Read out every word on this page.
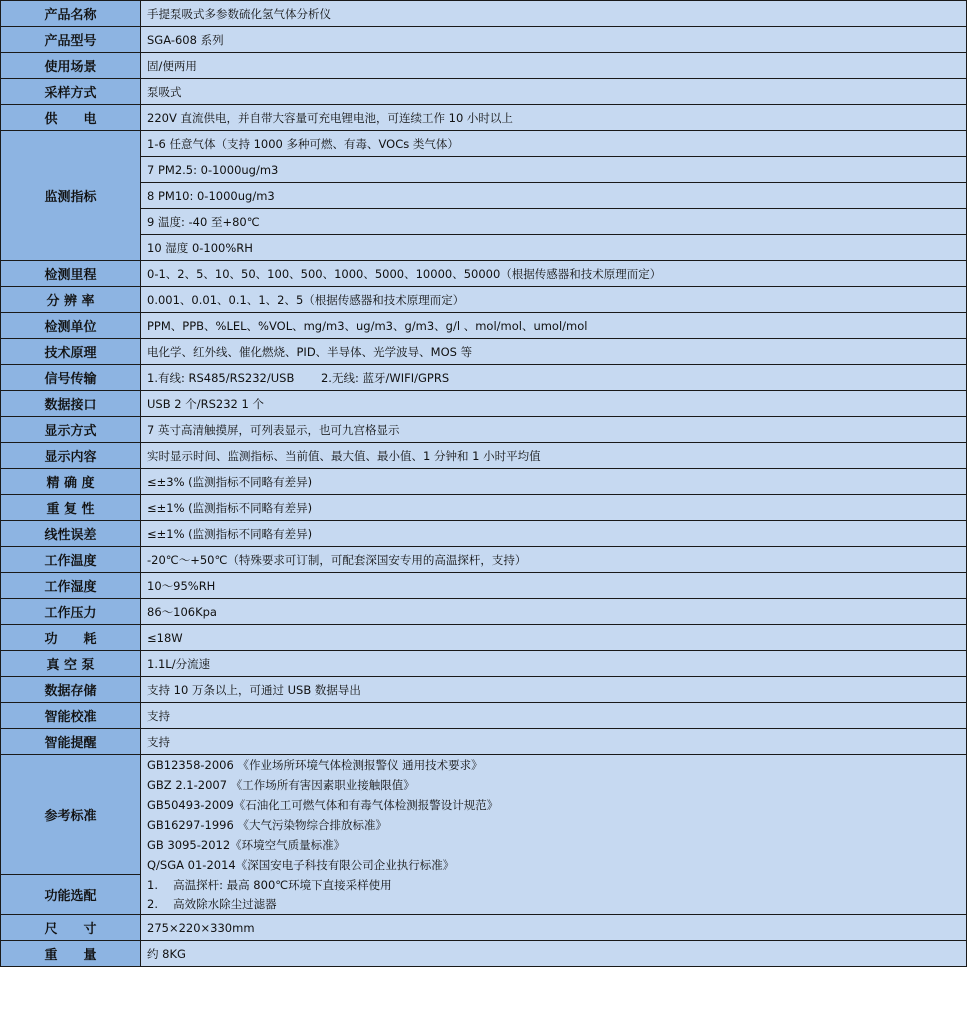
产品名称	手提泵吸式多参数硫化氢气体分析仪
产品型号	SGA-608 系列
使用场景	固/便两用
采样方式	泵吸式
供　　电	220V 直流供电，并自带大容量可充电锂电池，可连续工作 10 小时以上
监测指标	1-6 任意气体（支持 1000 多种可燃、有毒、VOCs 类气体）
	7 PM2.5: 0-1000ug/m3
	8 PM10: 0-1000ug/m3
	9 温度: -40 至+80℃
	10 湿度 0-100%RH
检测里程	0-1、2、5、10、50、100、500、1000、5000、10000、50000（根据传感器和技术原理而定）
分 辨 率	0.001、0.01、0.1、1、2、5（根据传感器和技术原理而定）
检测单位	PPM、PPB、%LEL、%VOL、mg/m3、ug/m3、g/m3、g/l 、mol/mol、umol/mol
技术原理	电化学、红外线、催化燃烧、PID、半导体、光学波导、MOS 等
信号传输	1.有线: RS485/RS232/USB　　 2.无线: 蓝牙/WIFI/GPRS
数据接口	USB 2 个/RS232 1 个
显示方式	7 英寸高清触摸屏，可列表显示，也可九宫格显示
显示内容	实时显示时间、监测指标、当前值、最大值、最小值、1 分钟和 1 小时平均值
精 确 度	≤±3% (监测指标不同略有差异)
重 复 性	≤±1% (监测指标不同略有差异)
线性误差	≤±1% (监测指标不同略有差异)
工作温度	-20℃～+50℃（特殊要求可订制，可配套深国安专用的高温探杆，支持）
工作湿度	10～95%RH
工作压力	86～106Kpa
功　　耗	≤18W
真 空 泵	1.1L/分流速
数据存储	支持 10 万条以上，可通过 USB 数据导出
智能校准	支持
智能提醒	支持
参考标准	GB12358-2006 《作业场所环境气体检测报警仪 通用技术要求》
	GBZ 2.1-2007 《工作场所有害因素职业接触限值》
	GB50493-2009《石油化工可燃气体和有毒气体检测报警设计规范》
	GB16297-1996 《大气污染物综合排放标准》
	GB 3095-2012《环境空气质量标准》
	Q/SGA 01-2014《深国安电子科技有限公司企业执行标准》
功能选配	1.　 高温探杆: 最高 800℃环境下直接采样使用
	2.　 高效除水除尘过滤器
尺　　寸	275×220×330mm
重　　量	约 8KG
m.kbdas.com
